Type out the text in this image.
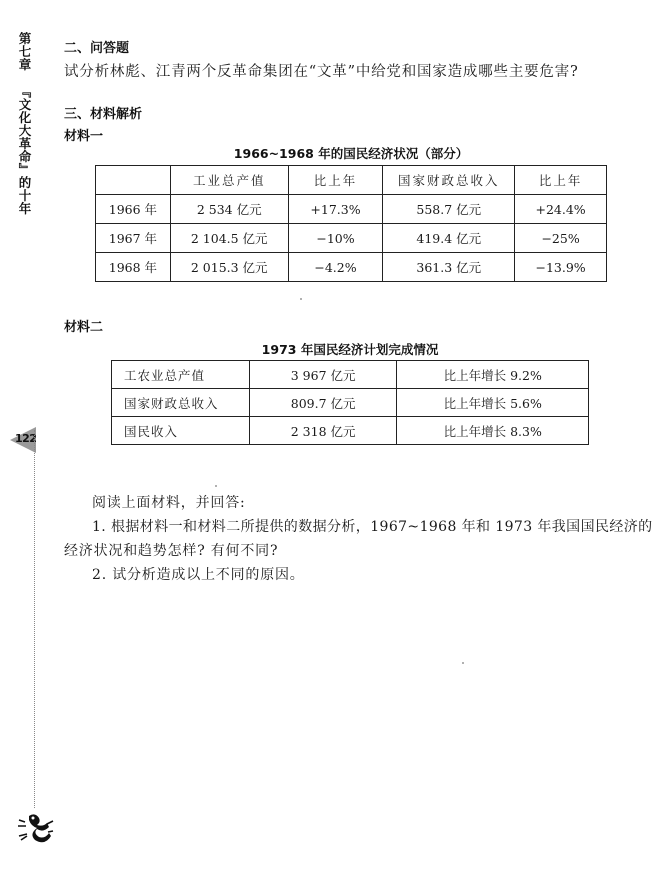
第七章『文化大革命』的十年
122
二、问答题
试分析林彪、江青两个反革命集团在“文革”中给党和国家造成哪些主要危害?
三、材料解析
材料一
1966~1968 年的国民经济状况（部分）
	工业总产值	比上年	国家财政总收入	比上年
1966 年	2 534 亿元	+17.3%	558.7 亿元	+24.4%
1967 年	2 104.5 亿元	−10%	419.4 亿元	−25%
1968 年	2 015.3 亿元	−4.2%	361.3 亿元	−13.9%
材料二
1973 年国民经济计划完成情况
工农业总产值	3 967 亿元	比上年增长 9.2%
国家财政总收入	809.7 亿元	比上年增长 5.6%
国民收入	2 318 亿元	比上年增长 8.3%
阅读上面材料，并回答:
1. 根据材料一和材料二所提供的数据分析，1967~1968 年和 1973 年我国国民经济的
经济状况和趋势怎样? 有何不同?
2. 试分析造成以上不同的原因。
